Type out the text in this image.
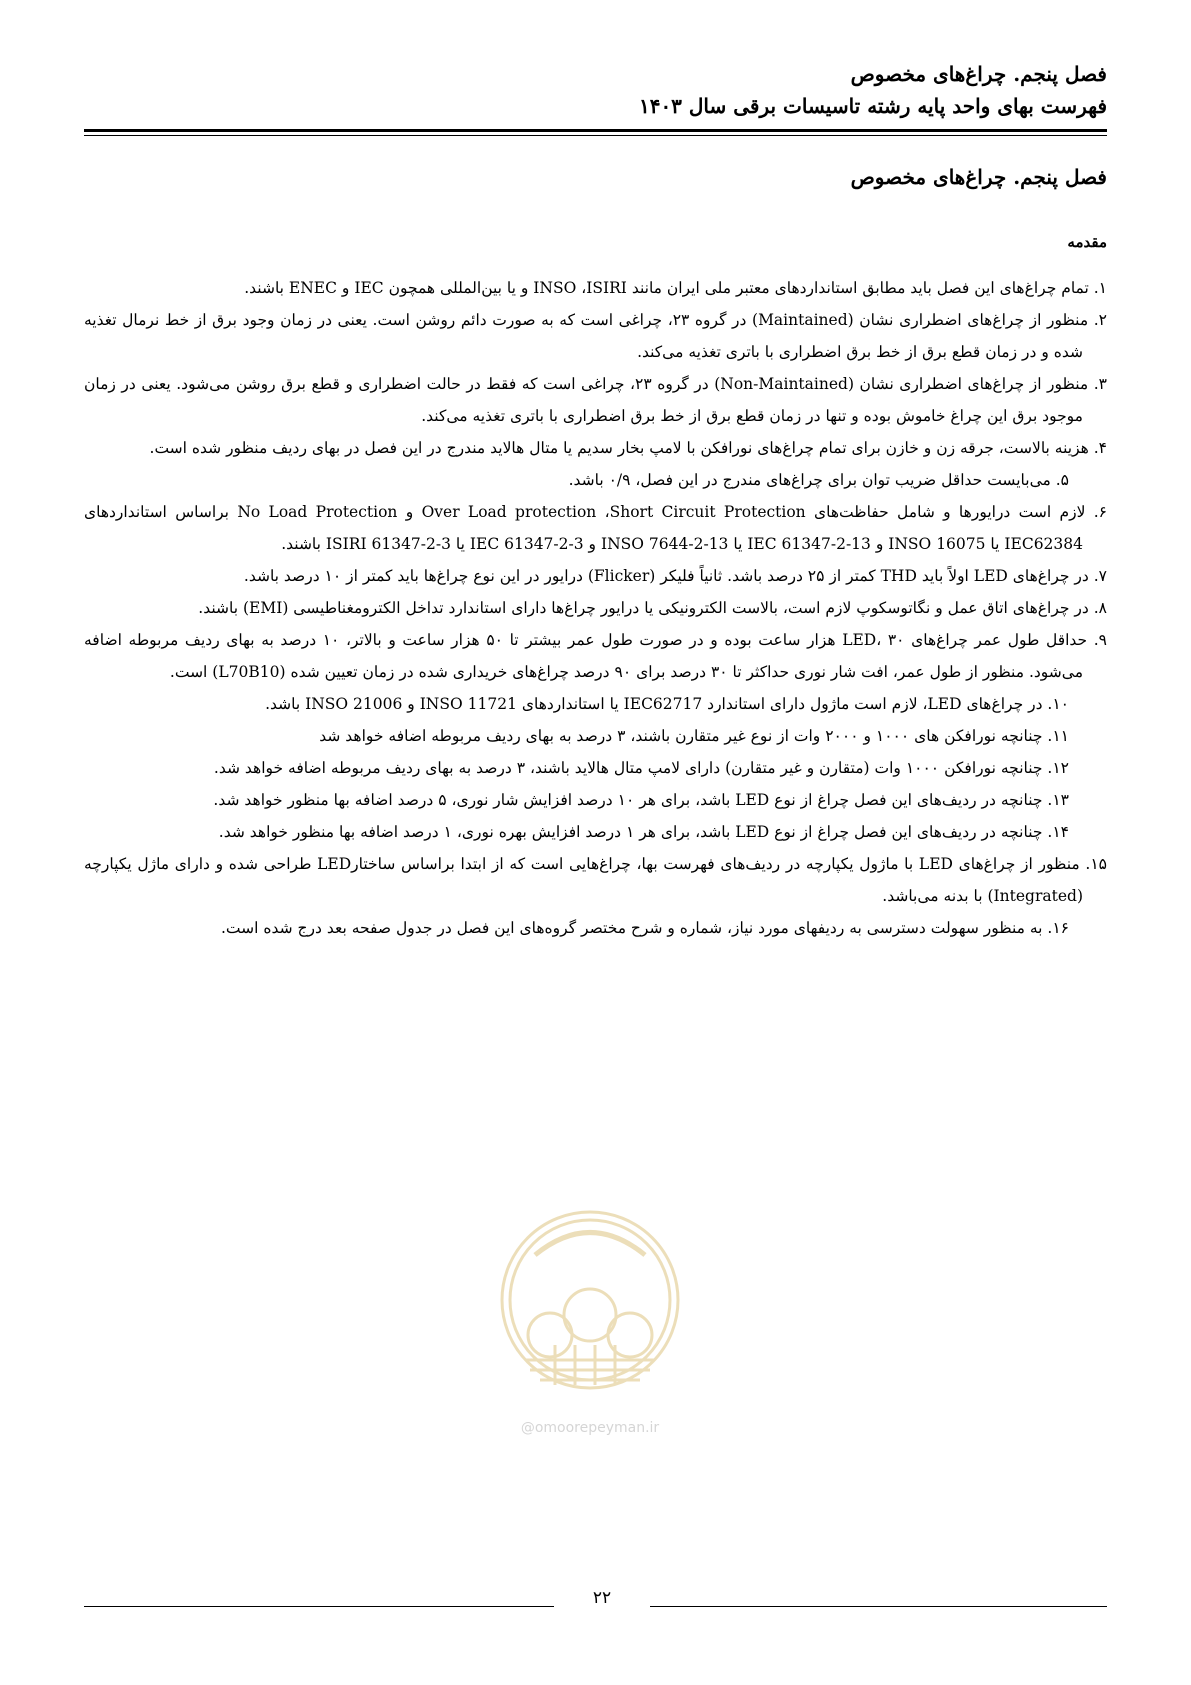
فصل پنجم. چراغ‌های مخصوص
فهرست بهای واحد پایه رشته تاسیسات برقی سال ۱۴۰۳
فصل پنجم. چراغ‌های مخصوص
مقدمه

۱. تمام چراغ‌های این فصل باید مطابق استانداردهای معتبر ملی ایران مانند INSO ،ISIRI و یا بین‌المللی همچون IEC و ENEC باشند.

۲. منظور از چراغ‌های اضطراری نشان (Maintained) در گروه ۲۳، چراغی است که به صورت دائم روشن است. یعنی در زمان وجود برق از خط نرمال تغذیه شده و در زمان قطع برق از خط برق اضطراری با باتری تغذیه می‌کند.

۳. منظور از چراغ‌های اضطراری نشان (Non-Maintained) در گروه ۲۳، چراغی است که فقط در حالت اضطراری و قطع برق روشن می‌شود. یعنی در زمان موجود برق این چراغ خاموش بوده و تنها در زمان قطع برق از خط برق اضطراری با باتری تغذیه می‌کند.

۴. هزینه بالاست، جرقه زن و خازن برای تمام چراغ‌های نورافکن با لامپ بخار سدیم یا متال هالاید مندرج در این فصل در بهای ردیف منظور شده است.

۵. می‌بایست حداقل ضریب توان برای چراغ‌های مندرج در این فصل، ۰/۹ باشد.

۶. لازم است درایورها و شامل حفاظت‌های Over Load protection ،Short Circuit Protection و No Load Protection براساس استانداردهای IEC62384 یا INSO 16075 و IEC 61347-2-13 یا INSO 7644-2-13 و IEC 61347-2-3 یا ISIRI 61347-2-3 باشند.

۷. در چراغ‌های LED اولاً باید THD کمتر از ۲۵ درصد باشد. ثانیاً فلیکر (Flicker) درایور در این نوع چراغ‌ها باید کمتر از ۱۰ درصد باشد.

۸. در چراغ‌های اتاق عمل و نگاتوسکوپ لازم است، بالاست الکترونیکی یا درایور چراغ‌ها دارای استاندارد تداخل الکترومغناطیسی (EMI) باشند.

۹. حداقل طول عمر چراغ‌های LED، ۳۰ هزار ساعت بوده و در صورت طول عمر بیشتر تا ۵۰ هزار ساعت و بالاتر، ۱۰ درصد به بهای ردیف مربوطه اضافه می‌شود. منظور از طول عمر، افت شار نوری حداکثر تا ۳۰ درصد برای ۹۰ درصد چراغ‌های خریداری شده در زمان تعیین شده (L70B10) است.

۱۰. در چراغ‌های LED، لازم است ماژول دارای استاندارد IEC62717 یا استانداردهای INSO 11721 و INSO 21006 باشد.

۱۱. چنانچه نورافکن های ۱۰۰۰ و ۲۰۰۰ وات از نوع غیر متقارن باشند، ۳ درصد به بهای ردیف مربوطه اضافه خواهد شد

۱۲. چنانچه نورافکن ۱۰۰۰ وات (متقارن و غیر متقارن) دارای لامپ متال هالاید باشند، ۳ درصد به بهای ردیف مربوطه اضافه خواهد شد.

۱۳. چنانچه در ردیف‌های این فصل چراغ از نوع LED باشد، برای هر ۱۰ درصد افزایش شار نوری، ۵ درصد اضافه بها منظور خواهد شد.

۱۴. چنانچه در ردیف‌های این فصل چراغ از نوع LED باشد، برای هر ۱ درصد افزایش بهره نوری، ۱ درصد اضافه بها منظور خواهد شد.

۱۵. منظور از چراغ‌های LED با ماژول یکپارچه در ردیف‌های فهرست بها، چراغ‌هایی است که از ابتدا براساس ساختارLED طراحی شده و دارای ماژل یکپارچه (Integrated) با بدنه می‌باشد.

۱۶. به منظور سهولت دسترسی به ردیفهای مورد نیاز، شماره و شرح مختصر گروه‌های این فصل در جدول صفحه بعد درج شده است.

@omoorepeyman.ir
۲۲
